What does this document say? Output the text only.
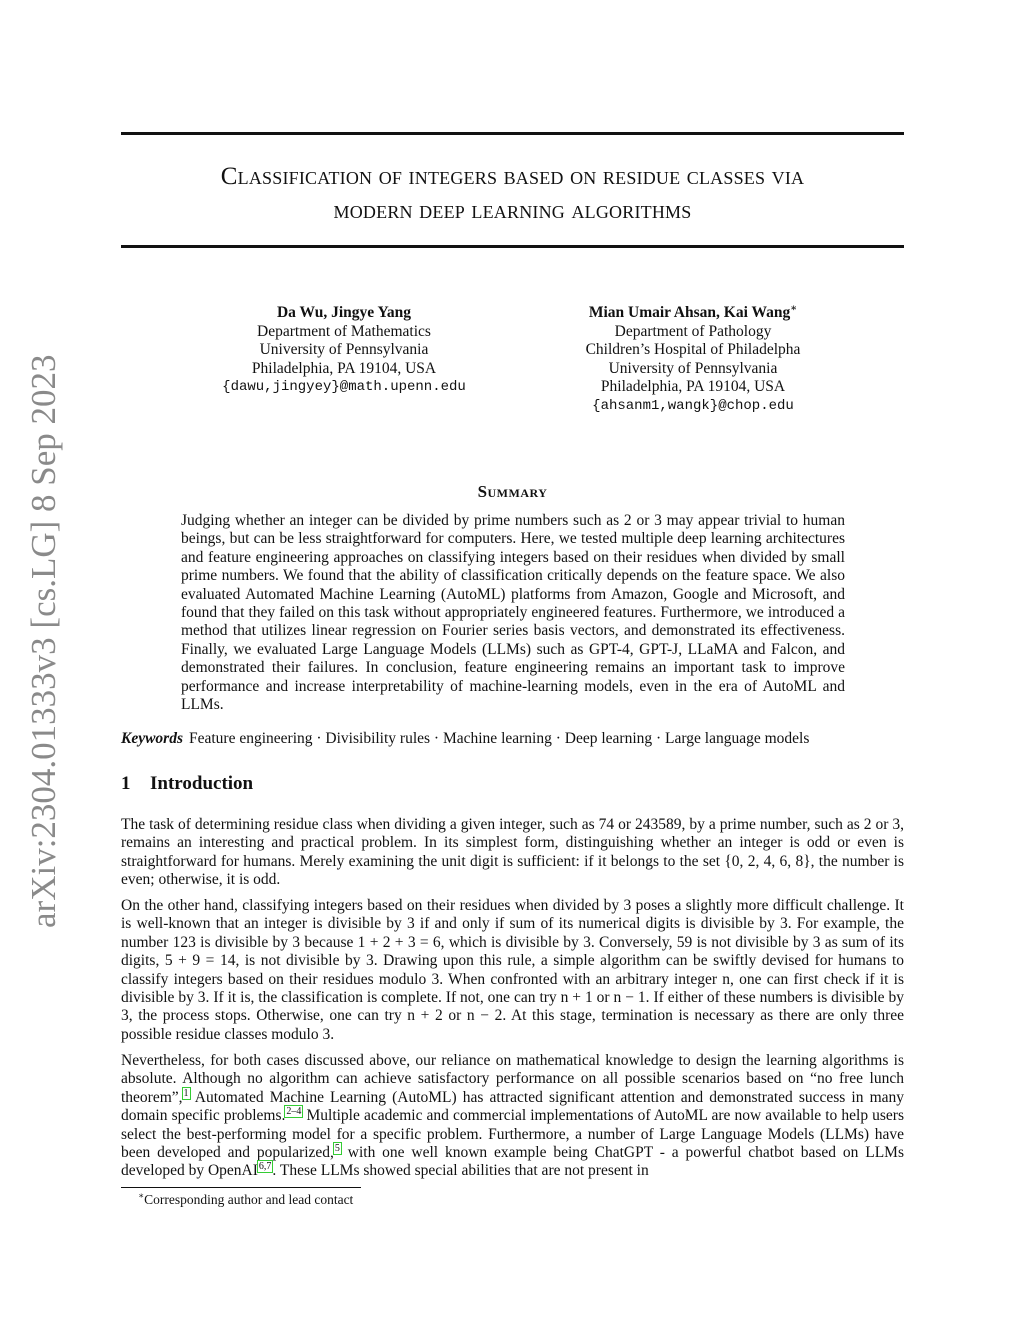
arXiv:2304.01333v3 [cs.LG] 8 Sep 2023
Classification of integers based on residue classes via
modern deep learning algorithms
Da Wu, Jingye Yang
Department of Mathematics
University of Pennsylvania
Philadelphia, PA 19104, USA
{dawu,jingyey}@math.upenn.edu
Mian Umair Ahsan, Kai Wang∗
Department of Pathology
Children’s Hospital of Philadelpha
University of Pennsylvania
Philadelphia, PA 19104, USA
{ahsanm1,wangk}@chop.edu
Summary
Judging whether an integer can be divided by prime numbers such as 2 or 3 may appear trivial to human beings, but can be less straightforward for computers. Here, we tested multiple deep learning architectures and feature engineering approaches on classifying integers based on their residues when divided by small prime numbers. We found that the ability of classification critically depends on the feature space. We also evaluated Automated Machine Learning (AutoML) platforms from Amazon, Google and Microsoft, and found that they failed on this task without appropriately engineered features. Furthermore, we introduced a method that utilizes linear regression on Fourier series basis vectors, and demonstrated its effectiveness. Finally, we evaluated Large Language Models (LLMs) such as GPT-4, GPT-J, LLaMA and Falcon, and demonstrated their failures. In conclusion, feature engineering remains an important task to improve performance and increase interpretability of machine-learning models, even in the era of AutoML and LLMs.
Keywords Feature engineering · Divisibility rules · Machine learning · Deep learning · Large language models
1 Introduction
The task of determining residue class when dividing a given integer, such as 74 or 243589, by a prime number, such as 2 or 3, remains an interesting and practical problem. In its simplest form, distinguishing whether an integer is odd or even is straightforward for humans. Merely examining the unit digit is sufficient: if it belongs to the set {0, 2, 4, 6, 8}, the number is even; otherwise, it is odd.
On the other hand, classifying integers based on their residues when divided by 3 poses a slightly more difficult challenge. It is well-known that an integer is divisible by 3 if and only if sum of its numerical digits is divisible by 3. For example, the number 123 is divisible by 3 because 1 + 2 + 3 = 6, which is divisible by 3. Conversely, 59 is not divisible by 3 as sum of its digits, 5 + 9 = 14, is not divisible by 3. Drawing upon this rule, a simple algorithm can be swiftly devised for humans to classify integers based on their residues modulo 3. When confronted with an arbitrary integer n, one can first check if it is divisible by 3. If it is, the classification is complete. If not, one can try n + 1 or n − 1. If either of these numbers is divisible by 3, the process stops. Otherwise, one can try n + 2 or n − 2. At this stage, termination is necessary as there are only three possible residue classes modulo 3.
Nevertheless, for both cases discussed above, our reliance on mathematical knowledge to design the learning algorithms is absolute. Although no algorithm can achieve satisfactory performance on all possible scenarios based on “no free lunch theorem”,$^1$ Automated Machine Learning (AutoML) has attracted significant attention and demonstrated success in many domain specific problems.$^{2-4}$ Multiple academic and commercial implementations of AutoML are now available to help users select the best-performing model for a specific problem. Furthermore, a number of Large Language Models (LLMs) have been developed and popularized,$^5$ with one well known example being ChatGPT - a powerful chatbot based on LLMs developed by OpenAI$^{6,7}$. These LLMs showed special abilities that are not present in
∗Corresponding author and lead contact
